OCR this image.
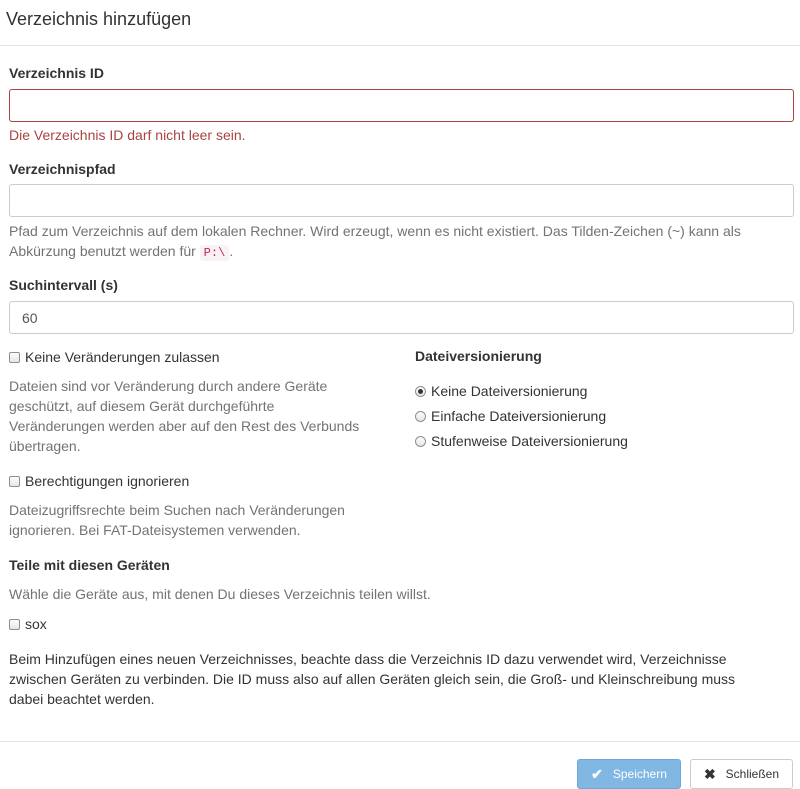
Verzeichnis hinzufügen
Verzeichnis ID
Die Verzeichnis ID darf nicht leer sein.
Verzeichnispfad
Pfad zum Verzeichnis auf dem lokalen Rechner. Wird erzeugt, wenn es nicht existiert. Das Tilden-Zeichen (~) kann als
Abkürzung benutzt werden für P:\ .
Suchintervall (s)
60
Keine Veränderungen zulassen
Dateien sind vor Veränderung durch andere Geräte
geschützt, auf diesem Gerät durchgeführte
Veränderungen werden aber auf den Rest des Verbunds
übertragen.
Berechtigungen ignorieren
Dateizugriffsrechte beim Suchen nach Veränderungen
ignorieren. Bei FAT-Dateisystemen verwenden.
Dateiversionierung
Keine Dateiversionierung
Einfache Dateiversionierung
Stufenweise Dateiversionierung
Teile mit diesen Geräten
Wähle die Geräte aus, mit denen Du dieses Verzeichnis teilen willst.
sox
Beim Hinzufügen eines neuen Verzeichnisses, beachte dass die Verzeichnis ID dazu verwendet wird, Verzeichnisse
zwischen Geräten zu verbinden. Die ID muss also auf allen Geräten gleich sein, die Groß- und Kleinschreibung muss
dabei beachtet werden.
✔ Speichern	✖ Schließen
